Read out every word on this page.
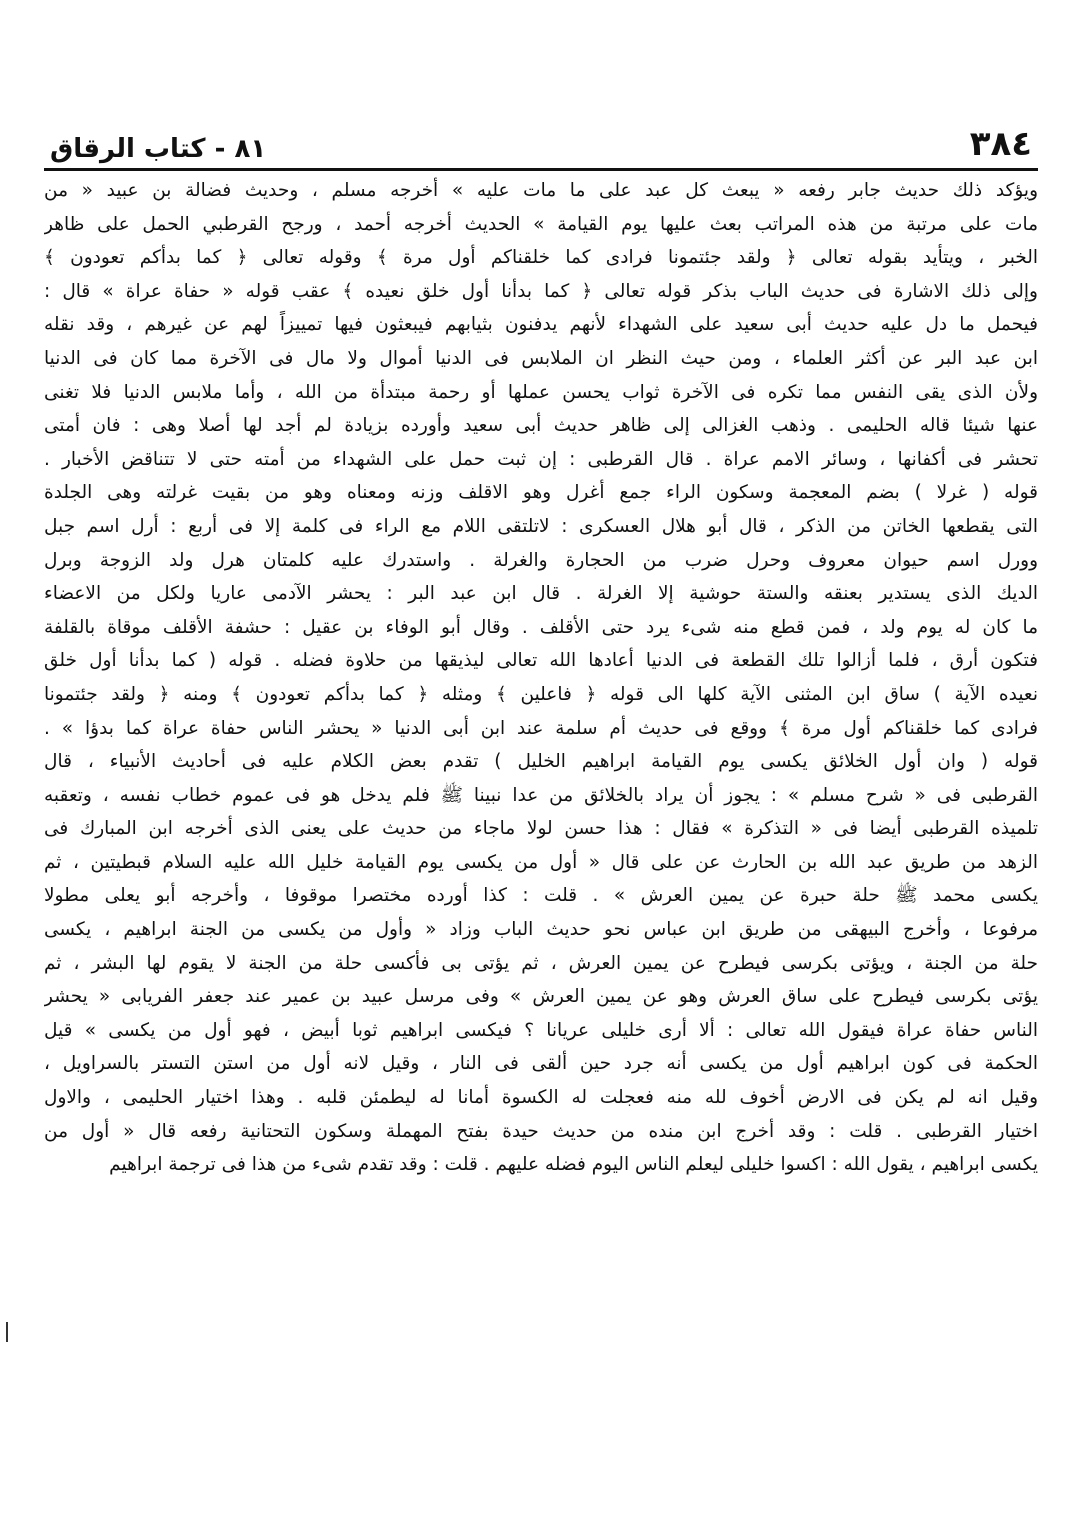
٨١ - كتاب الرقاق	٣٨٤
ويؤكد ذلك حديث جابر رفعه « يبعث كل عبد على ما مات عليه » أخرجه مسلم ، وحديث فضالة بن عبيد « من
مات على مرتبة من هذه المراتب بعث عليها يوم القيامة » الحديث أخرجه أحمد ، ورجح القرطبي الحمل على ظاهر
الخبر ، ويتأيد بقوله تعالى ﴿ ولقد جئتمونا فرادى كما خلقناكم أول مرة ﴾ وقوله تعالى ﴿ كما بدأكم تعودون ﴾
وإلى ذلك الاشارة فى حديث الباب بذكر قوله تعالى ﴿ كما بدأنا أول خلق نعيده ﴾ عقب قوله « حفاة عراة » قال :
فيحمل ما دل عليه حديث أبى سعيد على الشهداء لأنهم يدفنون بثيابهم فيبعثون فيها تمييزاً لهم عن غيرهم ، وقد نقله
ابن عبد البر عن أكثر العلماء ، ومن حيث النظر ان الملابس فى الدنيا أموال ولا مال فى الآخرة مما كان فى الدنيا
ولأن الذى يقى النفس مما تكره فى الآخرة ثواب يحسن عملها أو رحمة مبتدأة من الله ، وأما ملابس الدنيا فلا تغنى
عنها شيئا قاله الحليمى . وذهب الغزالى إلى ظاهر حديث أبى سعيد وأورده بزيادة لم أجد لها أصلا وهى : فان أمتى
تحشر فى أكفانها ، وسائر الامم عراة . قال القرطبى : إن ثبت حمل على الشهداء من أمته حتى لا تتناقض الأخبار .
قوله ( غرلا ) بضم المعجمة وسكون الراء جمع أغرل وهو الاقلف وزنه ومعناه وهو من بقيت غرلته وهى الجلدة
التى يقطعها الخاتن من الذكر ، قال أبو هلال العسكرى : لاتلتقى اللام مع الراء فى كلمة إلا فى أربع : أرل اسم جبل
وورل اسم حيوان معروف وحرل ضرب من الحجارة والغرلة . واستدرك عليه كلمتان هرل ولد الزوجة وبرل
الديك الذى يستدير بعنقه والستة حوشية إلا الغرلة . قال ابن عبد البر : يحشر الآدمى عاريا ولكل من الاعضاء
ما كان له يوم ولد ، فمن قطع منه شىء يرد حتى الأقلف . وقال أبو الوفاء بن عقيل : حشفة الأقلف موقاة بالقلفة
فتكون أرق ، فلما أزالوا تلك القطعة فى الدنيا أعادها الله تعالى ليذيقها من حلاوة فضله . قوله ( كما بدأنا أول خلق
نعيده الآية ) ساق ابن المثنى الآية كلها الى قوله ﴿ فاعلين ﴾ ومثله ﴿ كما بدأكم تعودون ﴾ ومنه ﴿ ولقد جئتمونا
فرادى كما خلقناكم أول مرة ﴾ ووقع فى حديث أم سلمة عند ابن أبى الدنيا « يحشر الناس حفاة عراة كما بدؤا » .
قوله ( وان أول الخلائق يكسى يوم القيامة ابراهيم الخليل ) تقدم بعض الكلام عليه فى أحاديث الأنبياء ، قال
القرطبى فى « شرح مسلم » : يجوز أن يراد بالخلائق من عدا نبينا ﷺ فلم يدخل هو فى عموم خطاب نفسه ، وتعقبه
تلميذه القرطبى أيضا فى « التذكرة » فقال : هذا حسن لولا ماجاء من حديث على يعنى الذى أخرجه ابن المبارك فى
الزهد من طريق عبد الله بن الحارث عن على قال « أول من يكسى يوم القيامة خليل الله عليه السلام قبطيتين ، ثم
يكسى محمد ﷺ حلة حبرة عن يمين العرش » . قلت : كذا أورده مختصرا موقوفا ، وأخرجه أبو يعلى مطولا
مرفوعا ، وأخرج البيهقى من طريق ابن عباس نحو حديث الباب وزاد « وأول من يكسى من الجنة ابراهيم ، يكسى
حلة من الجنة ، ويؤتى بكرسى فيطرح عن يمين العرش ، ثم يؤتى بى فأكسى حلة من الجنة لا يقوم لها البشر ، ثم
يؤتى بكرسى فيطرح على ساق العرش وهو عن يمين العرش » وفى مرسل عبيد بن عمير عند جعفر الفريابى « يحشر
الناس حفاة عراة فيقول الله تعالى : ألا أرى خليلى عريانا ؟ فيكسى ابراهيم ثوبا أبيض ، فهو أول من يكسى » قيل
الحكمة فى كون ابراهيم أول من يكسى أنه جرد حين ألقى فى النار ، وقيل لانه أول من استن التستر بالسراويل ،
وقيل انه لم يكن فى الارض أخوف لله منه فعجلت له الكسوة أمانا له ليطمئن قلبه . وهذا اختيار الحليمى ، والاول
اختيار القرطبى . قلت : وقد أخرج ابن منده من حديث حيدة بفتح المهملة وسكون التحتانية رفعه قال « أول من
يكسى ابراهيم ، يقول الله : اكسوا خليلى ليعلم الناس اليوم فضله عليهم . قلت : وقد تقدم شىء من هذا فى ترجمة ابراهيم
